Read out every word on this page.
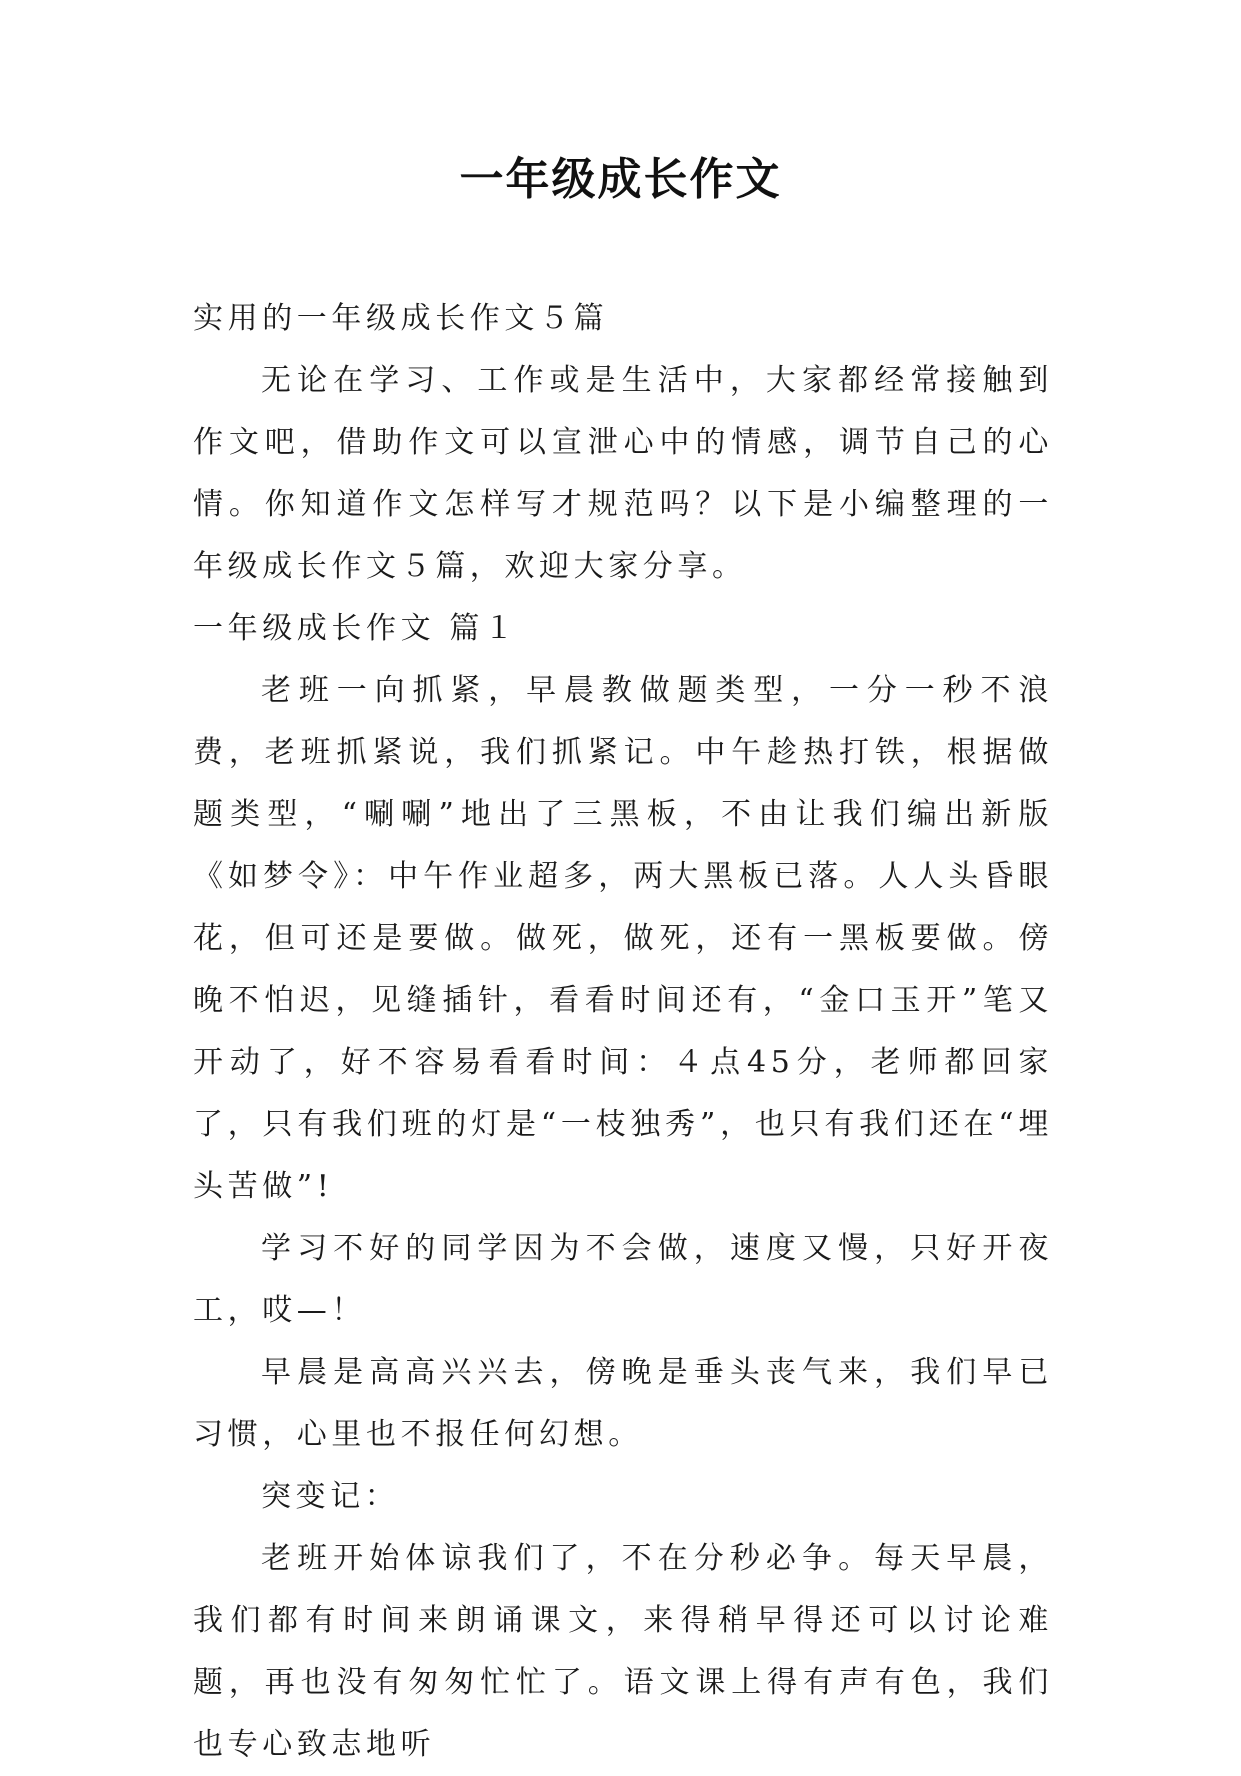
一年级成长作文

实用的一年级成长作文５篇

无论在学习、工作或是生活中，大家都经常接触到作文吧，借助作文可以宣泄心中的情感，调节自己的心情。你知道作文怎样写才规范吗？以下是小编整理的一年级成长作文５篇，欢迎大家分享。

一年级成长作文 篇１

老班一向抓紧，早晨教做题类型，一分一秒不浪费，老班抓紧说，我们抓紧记。中午趁热打铁，根据做题类型，“唰唰”地出了三黑板，不由让我们编出新版《如梦令》：中午作业超多，两大黑板已落。人人头昏眼花，但可还是要做。做死，做死，还有一黑板要做。傍晚不怕迟，见缝插针，看看时间还有，“金口玉开”笔又开动了，好不容易看看时间：４点45分，老师都回家了，只有我们班的灯是“一枝独秀”，也只有我们还在“埋头苦做”!

学习不好的同学因为不会做，速度又慢，只好开夜工，哎—！

早晨是高高兴兴去，傍晚是垂头丧气来，我们早已习惯，心里也不报任何幻想。

突变记：

老班开始体谅我们了，不在分秒必争。每天早晨，我们都有时间来朗诵课文，来得稍早得还可以讨论难题，再也没有匆匆忙忙了。语文课上得有声有色，我们也专心致志地听
